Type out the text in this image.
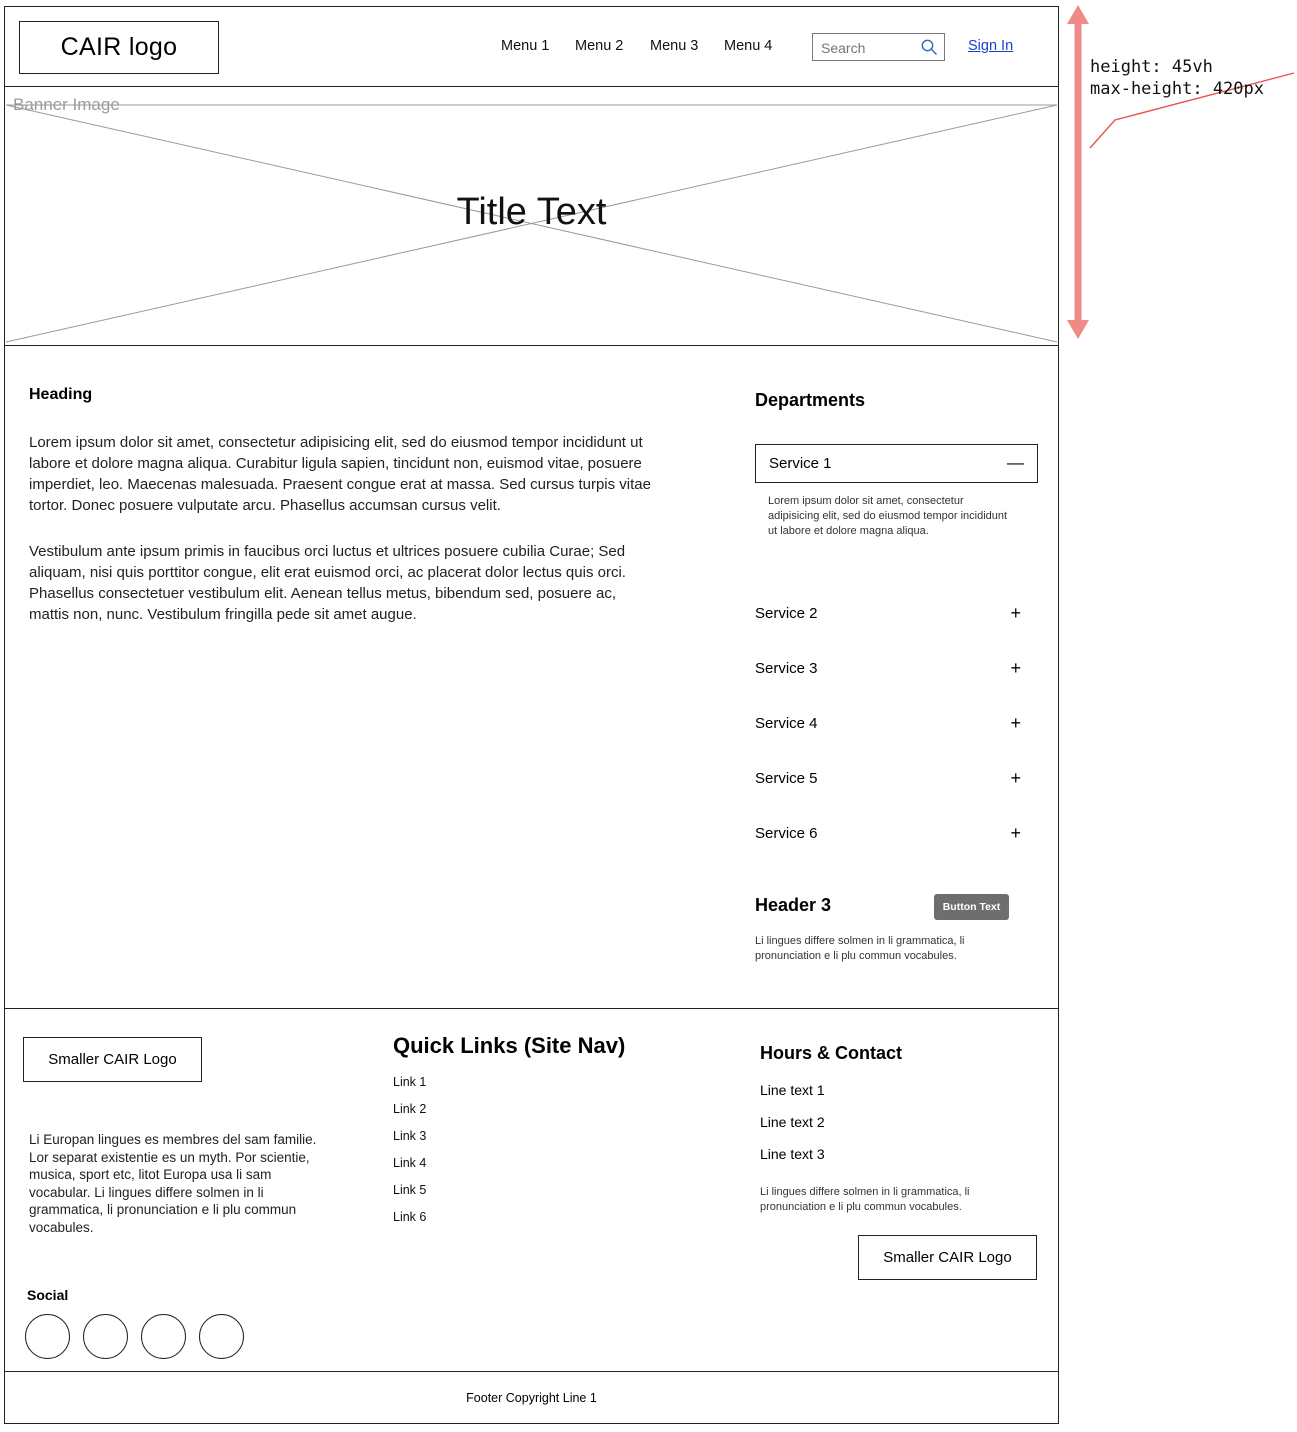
CAIR logo	Menu 1 Menu 2 Menu 3 Menu 4
Search	Sign In
Banner Image
Title Text
Heading
Lorem ipsum dolor sit amet, consectetur adipisicing elit, sed do eiusmod tempor incididunt ut labore et dolore magna aliqua. Curabitur ligula sapien, tincidunt non, euismod vitae, posuere imperdiet, leo. Maecenas malesuada. Praesent congue erat at massa. Sed cursus turpis vitae tortor. Donec posuere vulputate arcu. Phasellus accumsan cursus velit.
Vestibulum ante ipsum primis in faucibus orci luctus et ultrices posuere cubilia Curae; Sed aliquam, nisi quis porttitor congue, elit erat euismod orci, ac placerat dolor lectus quis orci. Phasellus consectetuer vestibulum elit. Aenean tellus metus, bibendum sed, posuere ac, mattis non, nunc. Vestibulum fringilla pede sit amet augue.
Departments
Service 1	—
Lorem ipsum dolor sit amet, consectetur adipisicing elit, sed do eiusmod tempor incididunt ut labore et dolore magna aliqua.
Button Text
Service 2	+
Service 3	+
Service 4	+
Service 5	+
Service 6	+
Header 3
Li lingues differe solmen in li grammatica, li pronunciation e li plu commun vocabules.
Smaller CAIR Logo
Li Europan lingues es membres del sam familie. Lor separat existentie es un myth. Por scientie, musica, sport etc, litot Europa usa li sam vocabular. Li lingues differe solmen in li grammatica, li pronunciation e li plu commun vocabules.
Social
Quick Links (Site Nav)
Link 1
Link 2
Link 3
Link 4
Link 5
Link 6
Hours & Contact
Line text 1
Line text 2
Line text 3
Li lingues differe solmen in li grammatica, li pronunciation e li plu commun vocabules.
Smaller CAIR Logo
Footer Copyright Line 1
height: 45vh
max-height: 420px
